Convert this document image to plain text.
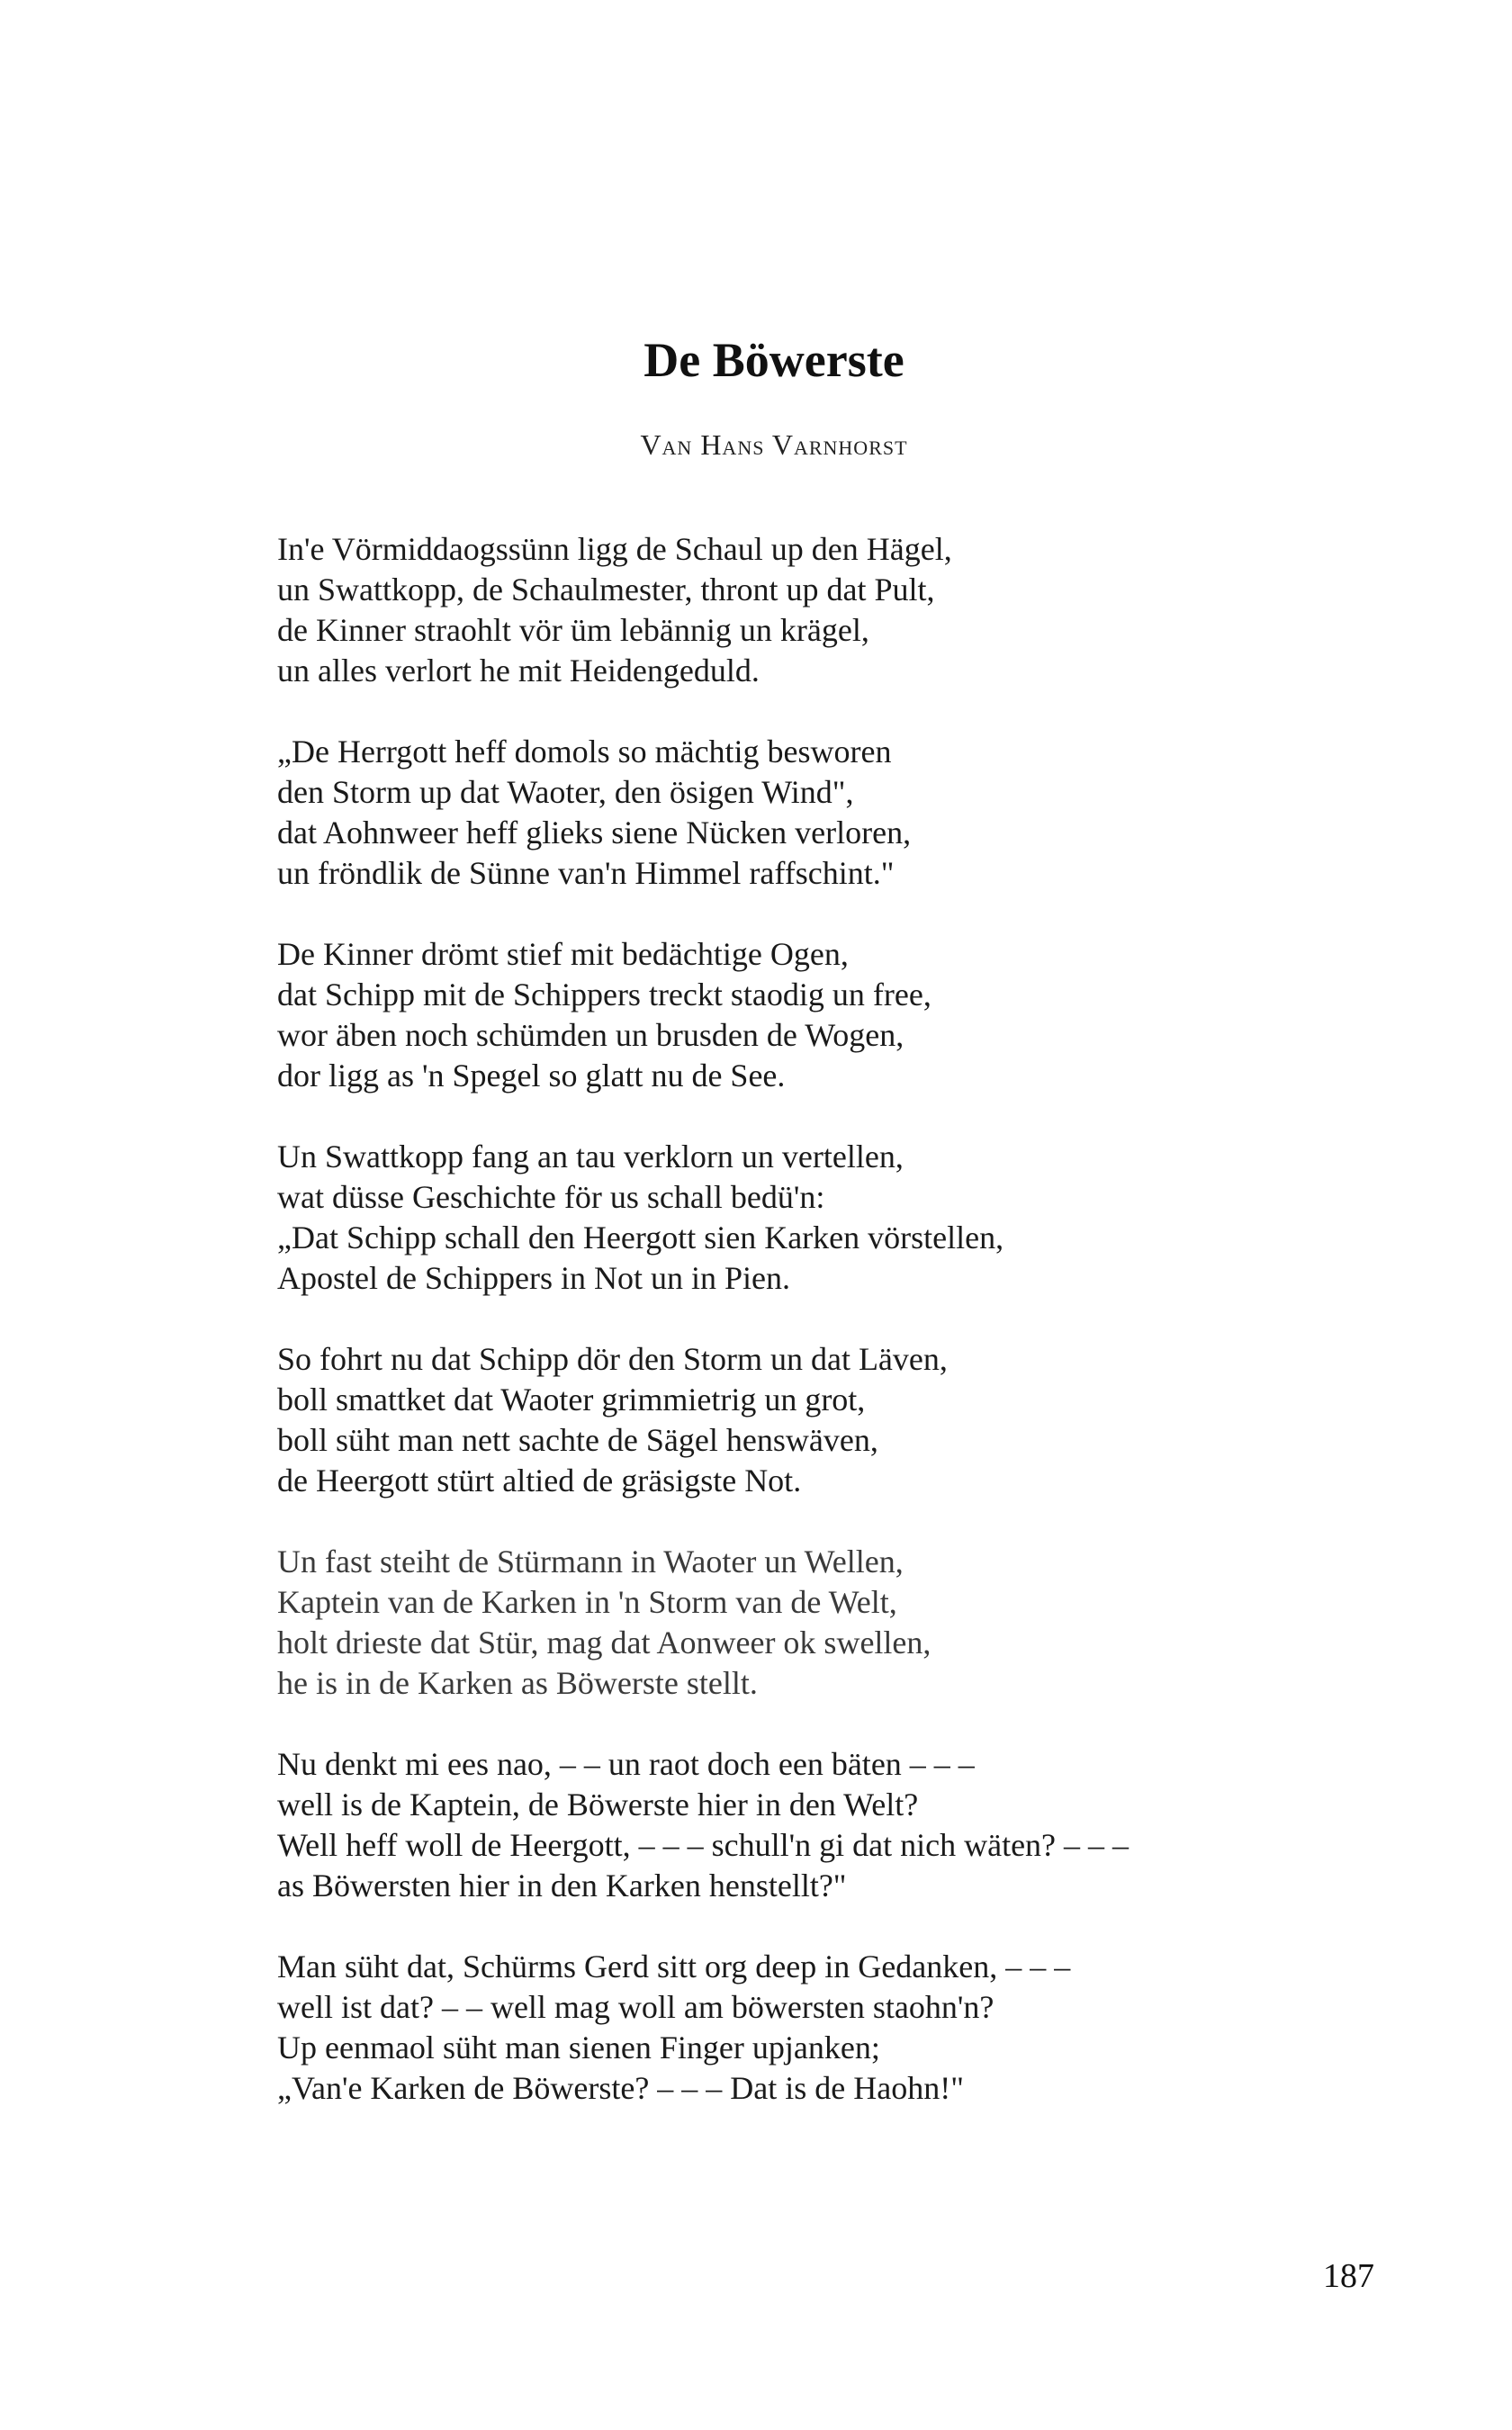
De Böwerste
Van Hans Varnhorst
In'e Vörmiddaogssünn ligg de Schaul up den Hägel,
un Swattkopp, de Schaulmester, thront up dat Pult,
de Kinner straohlt vör üm lebännig un krägel,
un alles verlort he mit Heidengeduld.
„De Herrgott heff domols so mächtig besworen
den Storm up dat Waoter, den ösigen Wind",
dat Aohnweer heff glieks siene Nücken verloren,
un fröndlik de Sünne van'n Himmel raffschint."
De Kinner drömt stief mit bedächtige Ogen,
dat Schipp mit de Schippers treckt staodig un free,
wor äben noch schümden un brusden de Wogen,
dor ligg as 'n Spegel so glatt nu de See.
Un Swattkopp fang an tau verklorn un vertellen,
wat düsse Geschichte för us schall bedü'n:
„Dat Schipp schall den Heergott sien Karken vörstellen,
Apostel de Schippers in Not un in Pien.
So fohrt nu dat Schipp dör den Storm un dat Läven,
boll smattket dat Waoter grimmietrig un grot,
boll süht man nett sachte de Sägel henswäven,
de Heergott stürt altied de gräsigste Not.
Un fast steiht de Stürmann in Waoter un Wellen,
Kaptein van de Karken in 'n Storm van de Welt,
holt drieste dat Stür, mag dat Aonweer ok swellen,
he is in de Karken as Böwerste stellt.
Nu denkt mi ees nao, – – un raot doch een bäten – – –
well is de Kaptein, de Böwerste hier in den Welt?
Well heff woll de Heergott, – – – schull'n gi dat nich wäten? – – –
as Böwersten hier in den Karken henstellt?"
Man süht dat, Schürms Gerd sitt org deep in Gedanken, – – –
well ist dat? – – well mag woll am böwersten staohn'n?
Up eenmaol süht man sienen Finger upjanken;
„Van'e Karken de Böwerste? – – – Dat is de Haohn!"
187
